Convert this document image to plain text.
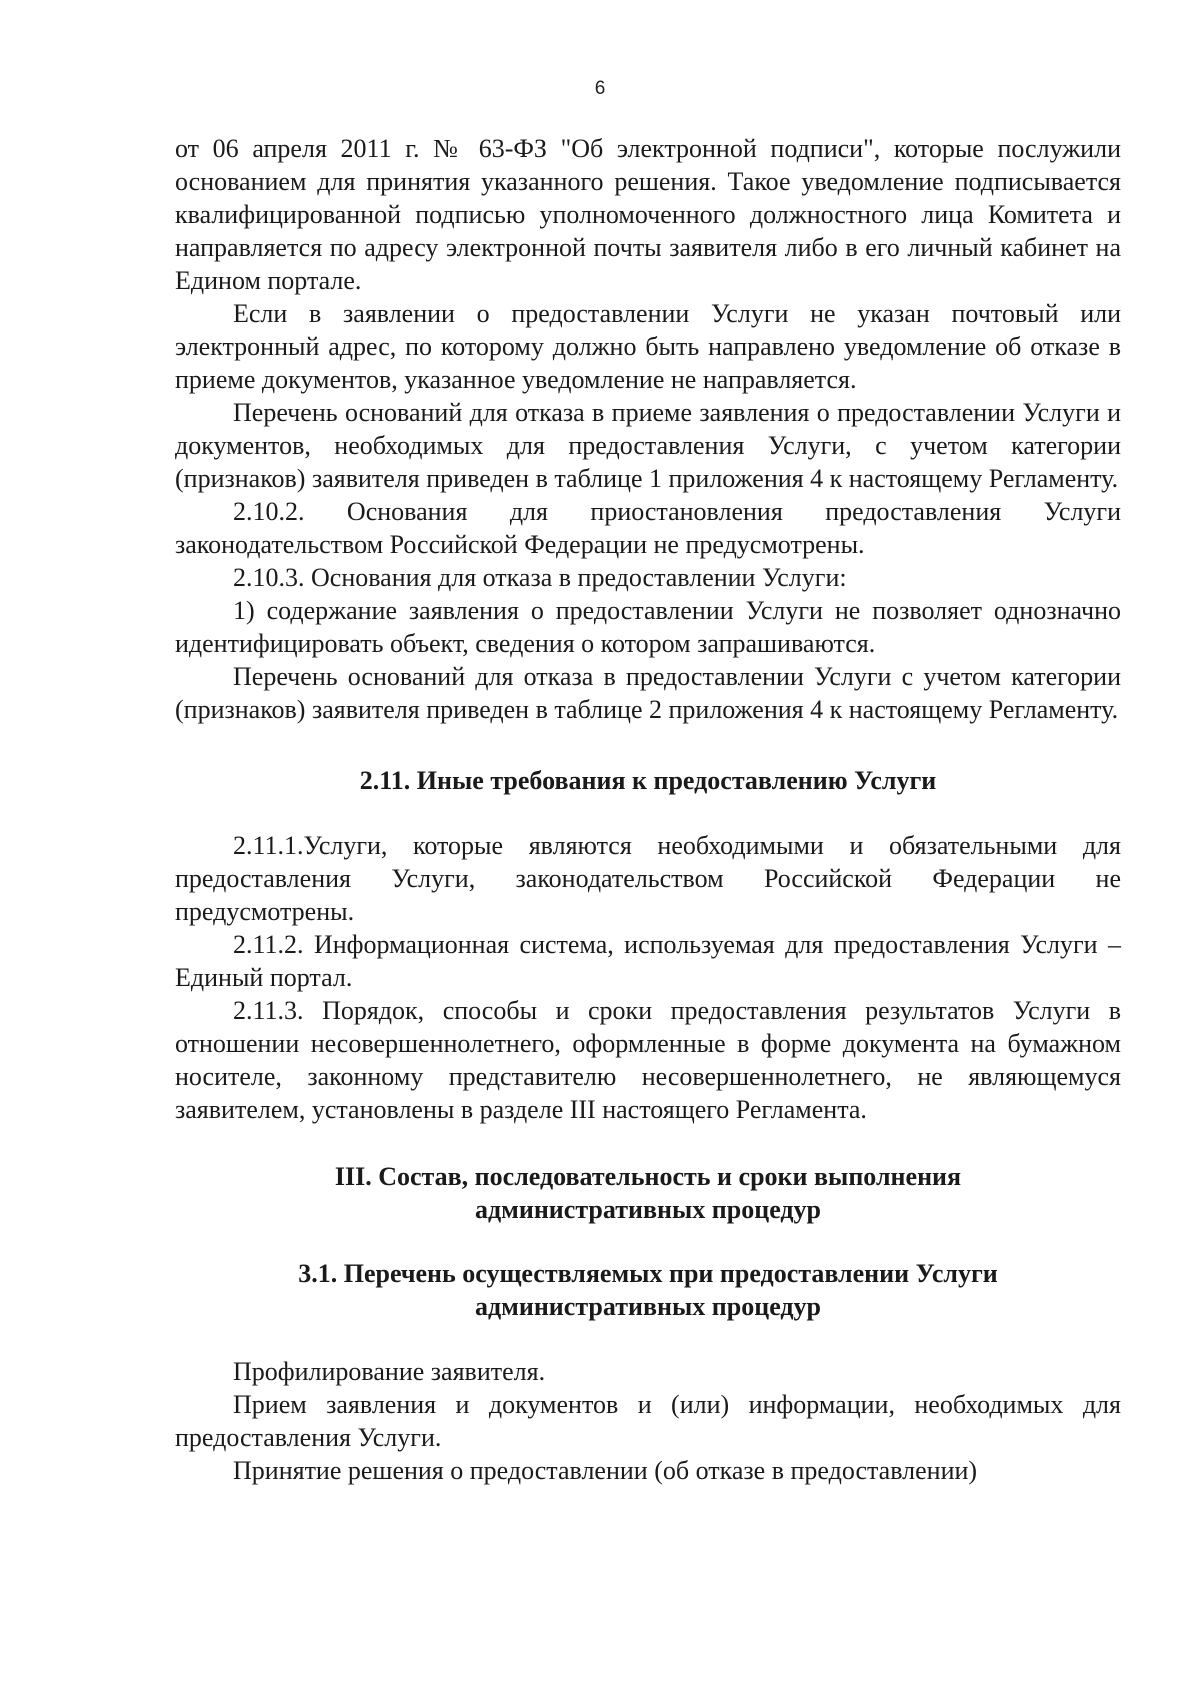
6

от 06 апреля 2011 г. № 63-ФЗ "Об электронной подписи", которые послужили основанием для принятия указанного решения. Такое уведомление подписывается квалифицированной подписью уполномоченного должностного лица Комитета и направляется по адресу электронной почты заявителя либо в его личный кабинет на Едином портале.

Если в заявлении о предоставлении Услуги не указан почтовый или электронный адрес, по которому должно быть направлено уведомление об отказе в приеме документов, указанное уведомление не направляется.

Перечень оснований для отказа в приеме заявления о предоставлении Услуги и документов, необходимых для предоставления Услуги, с учетом категории (признаков) заявителя приведен в таблице 1 приложения 4 к настоящему Регламенту.

2.10.2. Основания для приостановления предоставления Услуги законодательством Российской Федерации не предусмотрены.

2.10.3. Основания для отказа в предоставлении Услуги:

1) содержание заявления о предоставлении Услуги не позволяет однозначно идентифицировать объект, сведения о котором запрашиваются.

Перечень оснований для отказа в предоставлении Услуги с учетом категории (признаков) заявителя приведен в таблице 2 приложения 4 к настоящему Регламенту.

2.11. Иные требования к предоставлению Услуги

2.11.1.Услуги, которые являются необходимыми и обязательными для предоставления Услуги, законодательством Российской Федерации не предусмотрены.

2.11.2. Информационная система, используемая для предоставления Услуги – Единый портал.

2.11.3. Порядок, способы и сроки предоставления результатов Услуги в отношении несовершеннолетнего, оформленные в форме документа на бумажном носителе, законному представителю несовершеннолетнего, не являющемуся заявителем, установлены в разделе III настоящего Регламента.

III. Состав, последовательность и сроки выполнения
административных процедур
3.1. Перечень осуществляемых при предоставлении Услуги
административных процедур

Профилирование заявителя.

Прием заявления и документов и (или) информации, необходимых для предоставления Услуги.

Принятие решения о предоставлении (об отказе в предоставлении)
